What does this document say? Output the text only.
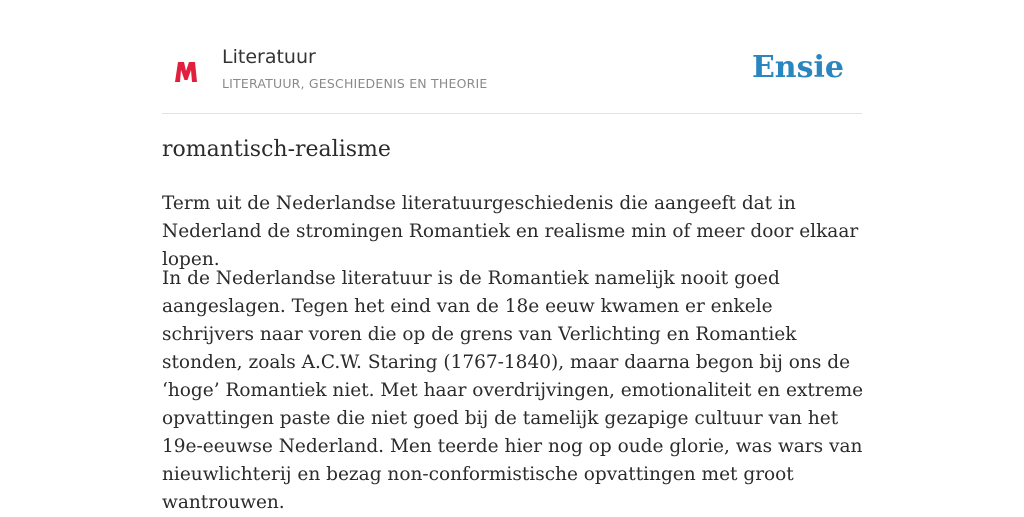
Literatuur
LITERATUUR, GESCHIEDENIS EN THEORIE	Ensie
romantisch-realisme

Term uit de Nederlandse literatuurgeschiedenis die aangeeft dat in Nederland de stromingen Romantiek en realisme min of meer door elkaar lopen.

In de Nederlandse literatuur is de Romantiek namelijk nooit goed aangeslagen. Tegen het eind van de 18e eeuw kwamen er enkele schrijvers naar voren die op de grens van Verlichting en Romantiek stonden, zoals A.C.W. Staring (1767-1840), maar daarna begon bij ons de ‘hoge’ Romantiek niet. Met haar overdrijvingen, emotionaliteit en extreme opvattingen paste die niet goed bij de tamelijk gezapige cultuur van het 19e-eeuwse Nederland. Men teerde hier nog op oude glorie, was wars van nieuwlichterij en bezag non-conformistische opvattingen met groot wantrouwen.
